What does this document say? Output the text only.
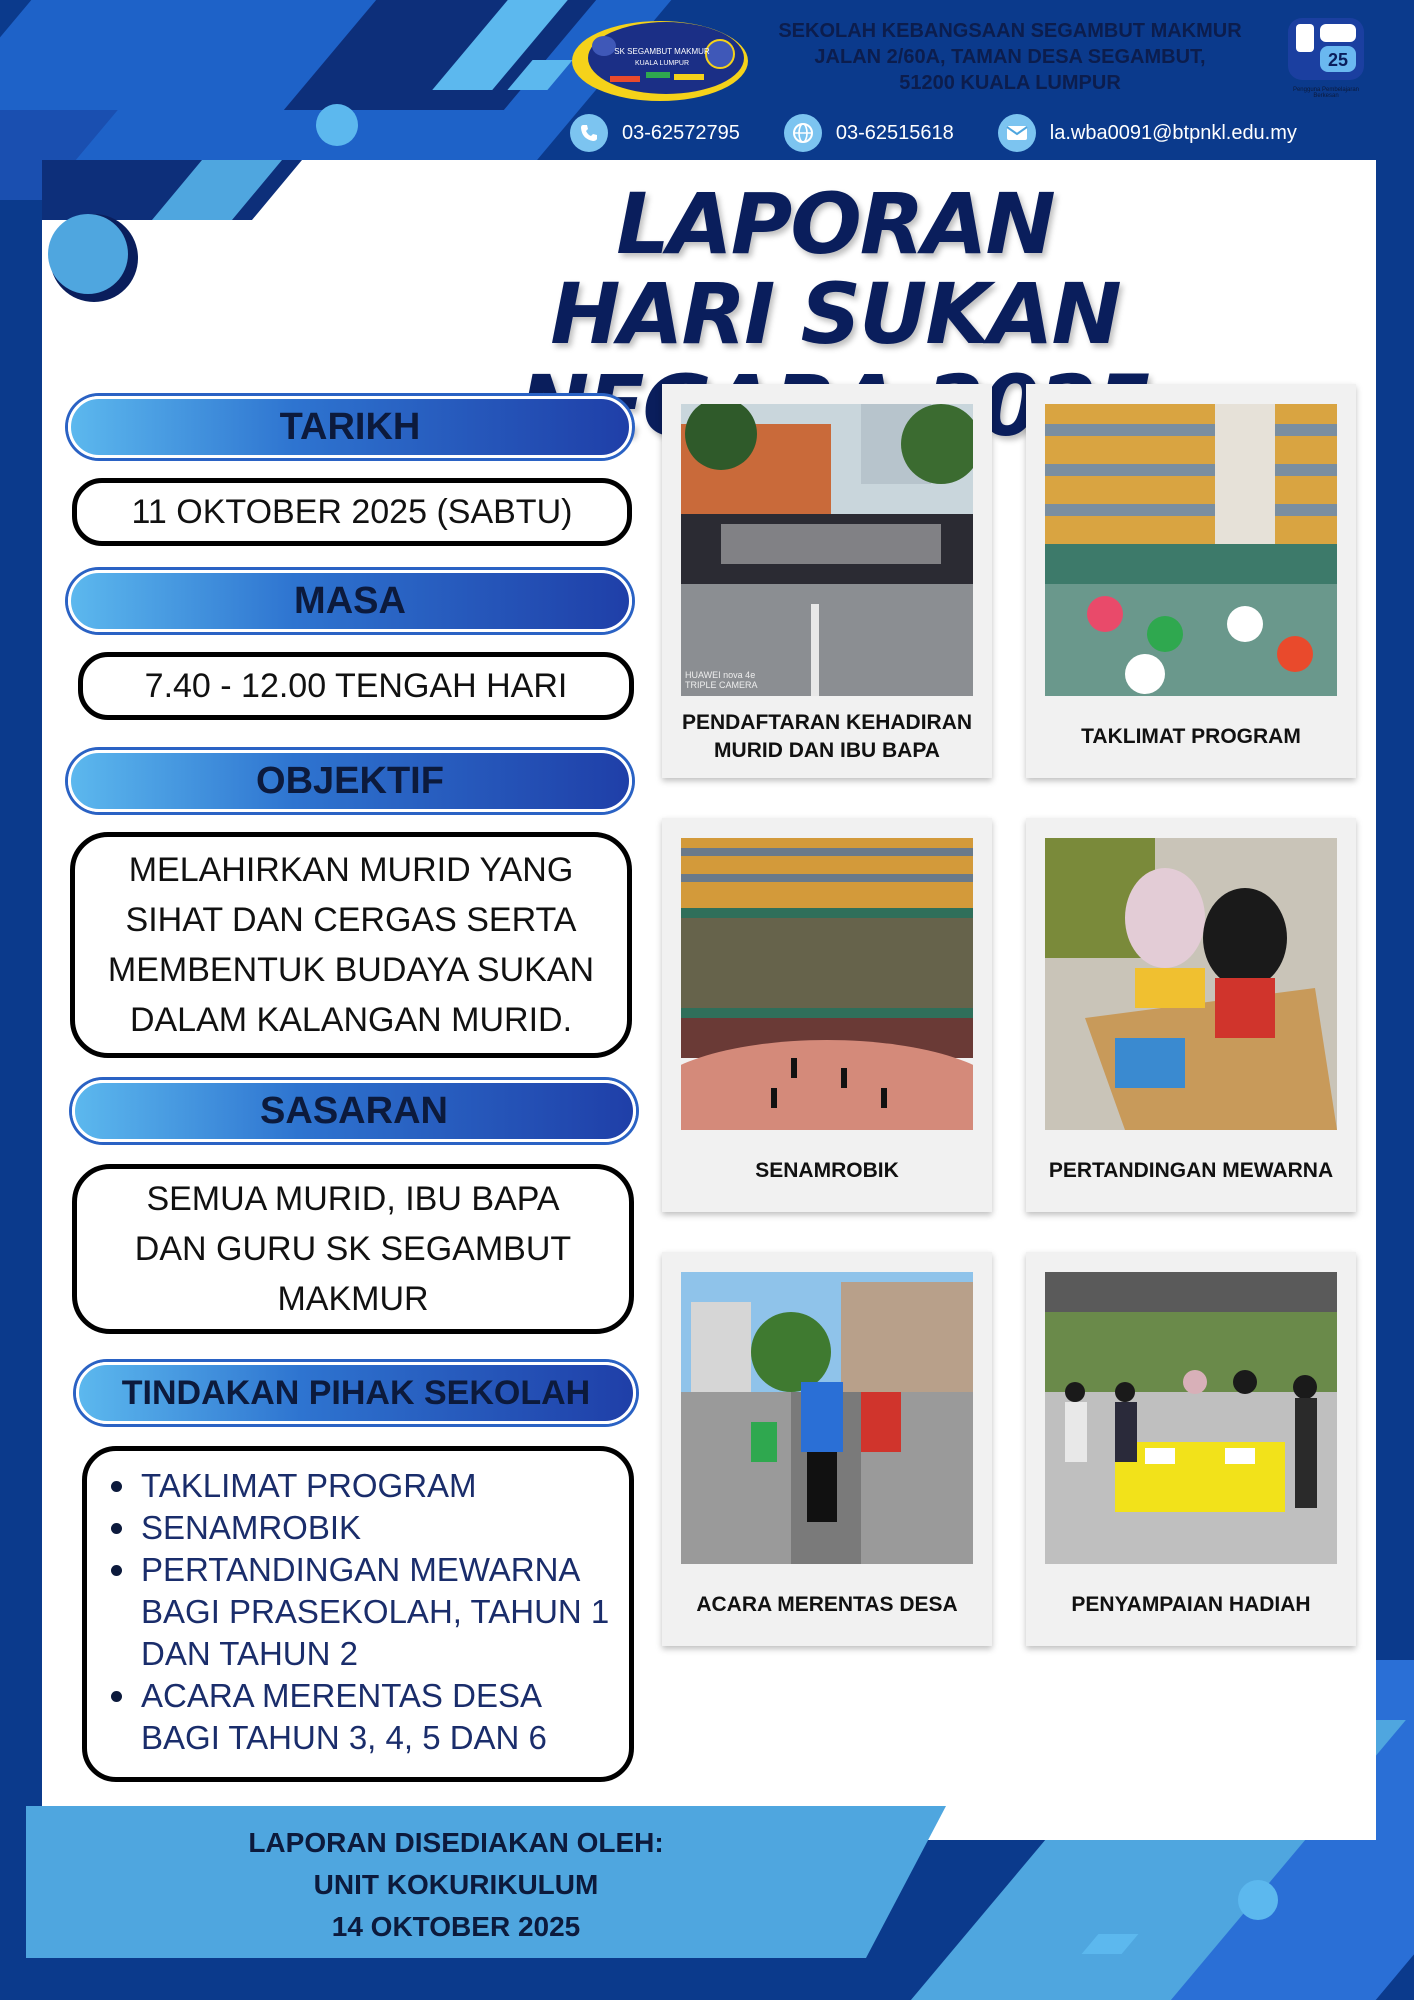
SK SEGAMBUT MAKMUR
KUALA LUMPUR
SEKOLAH KEBANGSAAN SEGAMBUT MAKMUR
JALAN 2/60A, TAMAN DESA SEGAMBUT,
51200 KUALA LUMPUR
25
Pengguna Pembelajaran Berkesan
03-62572795	03-62515618	la.wba0091@btpnkl.edu.my
LAPORAN
HARI SUKAN
TARIKH
11 OKTOBER 2025 (SABTU)
MASA
7.40 - 12.00 TENGAH HARI
OBJEKTIF
MELAHIRKAN MURID YANG
SIHAT DAN CERGAS SERTA
MEMBENTUK BUDAYA SUKAN
DALAM KALANGAN MURID.
SASARAN
SEMUA MURID, IBU BAPA
DAN GURU SK SEGAMBUT
MAKMUR
TINDAKAN PIHAK SEKOLAH
TAKLIMAT PROGRAM
SENAMROBIK
PERTANDINGAN MEWARNA BAGI PRASEKOLAH, TAHUN 1 DAN TAHUN 2
ACARA MERENTAS DESA BAGI TAHUN 3, 4, 5 DAN 6
HUAWEI nova 4e TRIPLE CAMERA
PENDAFTARAN KEHADIRAN MURID DAN IBU BAPA
TAKLIMAT PROGRAM
SENAMROBIK	PERTANDINGAN MEWARNA
ACARA MERENTAS DESA	PENYAMPAIAN HADIAH
LAPORAN DISEDIAKAN OLEH:
UNIT KOKURIKULUM
14 OKTOBER 2025
